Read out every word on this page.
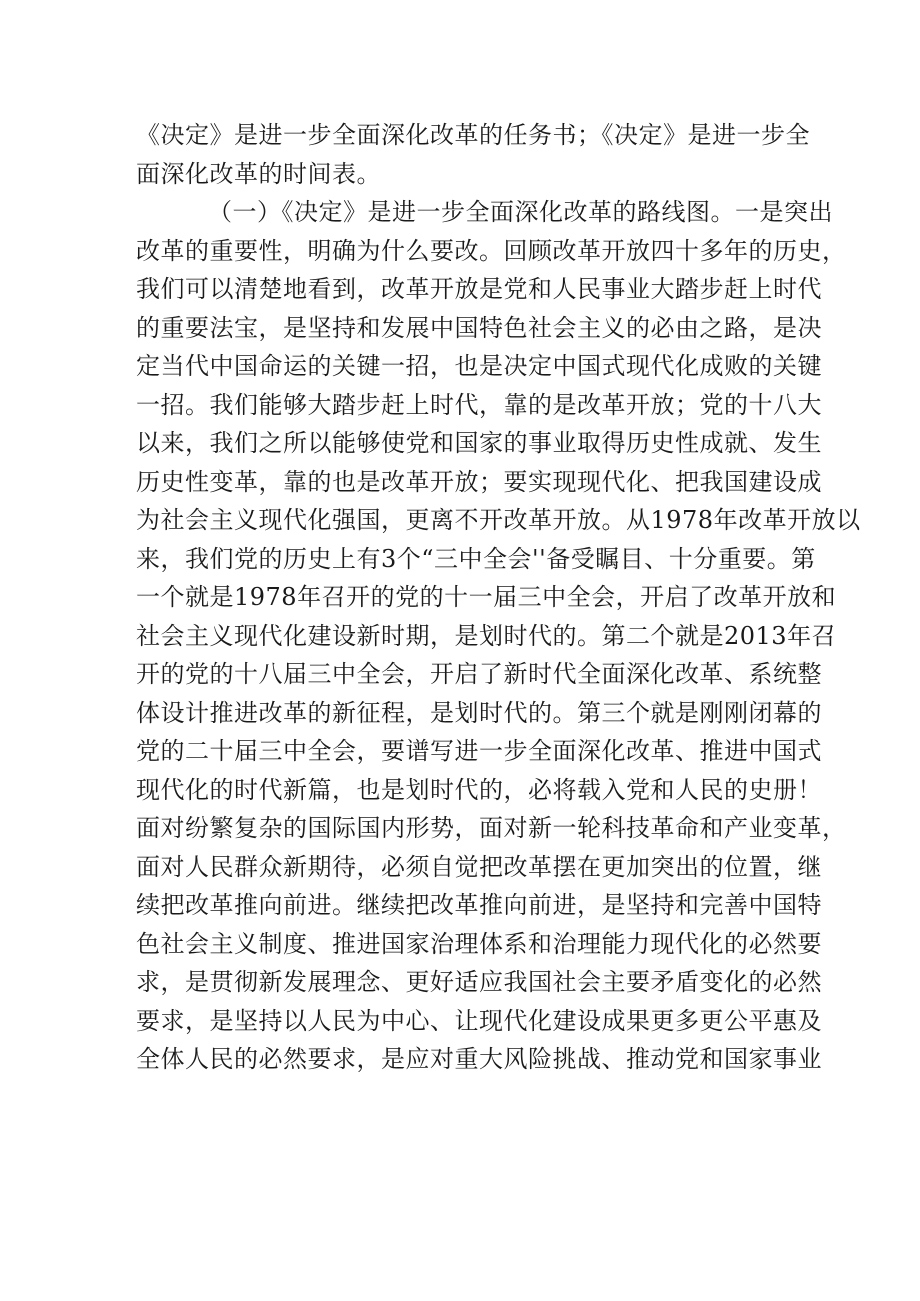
《决定》是进一步全面深化改革的任务书；《决定》是进一步全
面深化改革的时间表。
（一）《决定》是进一步全面深化改革的路线图。一是突出
改革的重要性，明确为什么要改。回顾改革开放四十多年的历史，
我们可以清楚地看到，改革开放是党和人民事业大踏步赶上时代
的重要法宝，是坚持和发展中国特色社会主义的必由之路，是决
定当代中国命运的关键一招，也是决定中国式现代化成败的关键
一招。我们能够大踏步赶上时代，靠的是改革开放；党的十八大
以来，我们之所以能够使党和国家的事业取得历史性成就、发生
历史性变革，靠的也是改革开放；要实现现代化、把我国建设成
为社会主义现代化强国，更离不开改革开放。从1978年改革开放以
来，我们党的历史上有3个“三中全会''备受瞩目、十分重要。第
一个就是1978年召开的党的十一届三中全会，开启了改革开放和
社会主义现代化建设新时期，是划时代的。第二个就是2013年召
开的党的十八届三中全会，开启了新时代全面深化改革、系统整
体设计推进改革的新征程，是划时代的。第三个就是刚刚闭幕的
党的二十届三中全会，要谱写进一步全面深化改革、推进中国式
现代化的时代新篇，也是划时代的，必将载入党和人民的史册！
面对纷繁复杂的国际国内形势，面对新一轮科技革命和产业变革，
面对人民群众新期待，必须自觉把改革摆在更加突出的位置，继
续把改革推向前进。继续把改革推向前进，是坚持和完善中国特
色社会主义制度、推进国家治理体系和治理能力现代化的必然要
求，是贯彻新发展理念、更好适应我国社会主要矛盾变化的必然
要求，是坚持以人民为中心、让现代化建设成果更多更公平惠及
全体人民的必然要求，是应对重大风险挑战、推动党和国家事业
